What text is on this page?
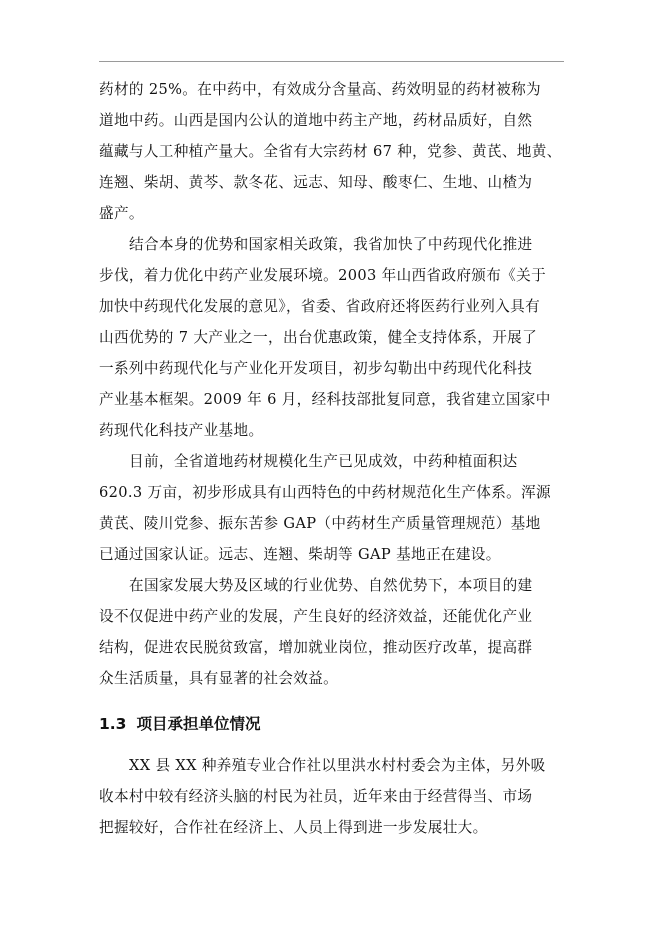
药材的 25%。在中药中，有效成分含量高、药效明显的药材被称为
道地中药。山西是国内公认的道地中药主产地，药材品质好，自然
蕴藏与人工种植产量大。全省有大宗药材 67 种，党参、黄芪、地黄、
连翘、柴胡、黄芩、款冬花、远志、知母、酸枣仁、生地、山楂为
盛产。
结合本身的优势和国家相关政策，我省加快了中药现代化推进
步伐，着力优化中药产业发展环境。2003 年山西省政府颁布《关于
加快中药现代化发展的意见》，省委、省政府还将医药行业列入具有
山西优势的 7 大产业之一，出台优惠政策，健全支持体系，开展了
一系列中药现代化与产业化开发项目，初步勾勒出中药现代化科技
产业基本框架。2009 年 6 月，经科技部批复同意，我省建立国家中
药现代化科技产业基地。
目前，全省道地药材规模化生产已见成效，中药种植面积达
620.3 万亩，初步形成具有山西特色的中药材规范化生产体系。浑源
黄芪、陵川党参、振东苦参 GAP（中药材生产质量管理规范）基地
已通过国家认证。远志、连翘、柴胡等 GAP 基地正在建设。
在国家发展大势及区域的行业优势、自然优势下，本项目的建
设不仅促进中药产业的发展，产生良好的经济效益，还能优化产业
结构，促进农民脱贫致富，增加就业岗位，推动医疗改革，提高群
众生活质量，具有显著的社会效益。
1.3 项目承担单位情况
XX 县 XX 种养殖专业合作社以里洪水村村委会为主体，另外吸
收本村中较有经济头脑的村民为社员，近年来由于经营得当、市场
把握较好，合作社在经济上、人员上得到进一步发展壮大。
